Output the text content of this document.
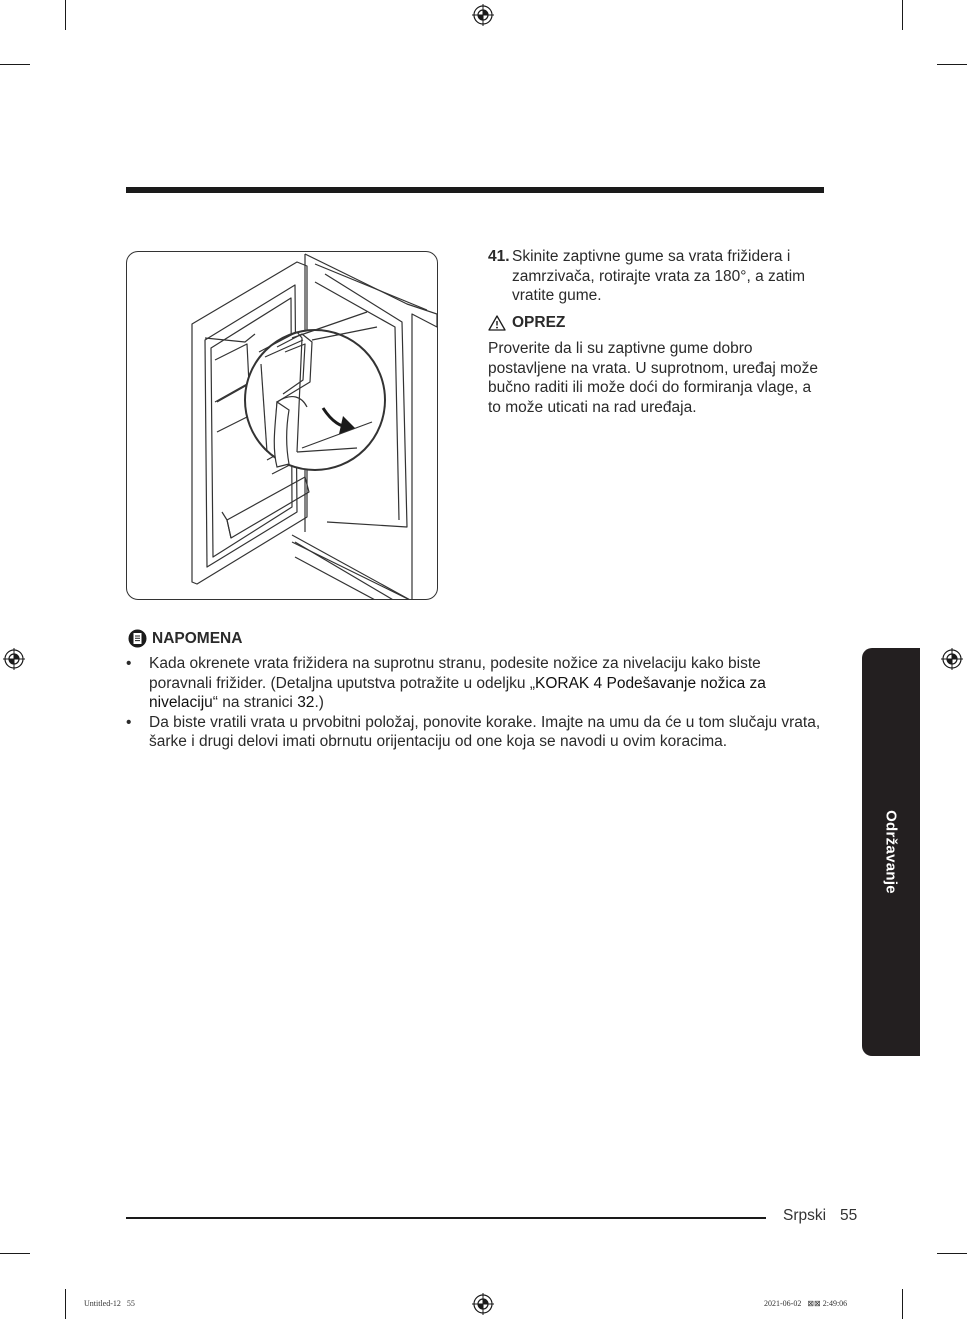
41. Skinite zaptivne gume sa vrata frižidera i zamrzivača, rotirajte vrata za 180°, a zatim vratite gume.
OPREZ
Proverite da li su zaptivne gume dobro postavljene na vrata. U suprotnom, uređaj može bučno raditi ili može doći do formiranja vlage, a to može uticati na rad uređaja.
NAPOMENA
• Kada okrenete vrata frižidera na suprotnu stranu, podesite nožice za nivelaciju kako biste poravnali frižider. (Detaljna uputstva potražite u odeljku „KORAK 4 Podešavanje nožica za nivelaciju“ na stranici 32.)
• Da biste vratili vrata u prvobitni položaj, ponovite korake. Imajte na umu da će u tom slučaju vrata, šarke i drugi delovi imati obrnutu orijentaciju od one koja se navodi u ovim koracima.
Održavanje
Srpski 55
Untitled-12   55	2021-06-02   ⊠⊠ 2:49:06
